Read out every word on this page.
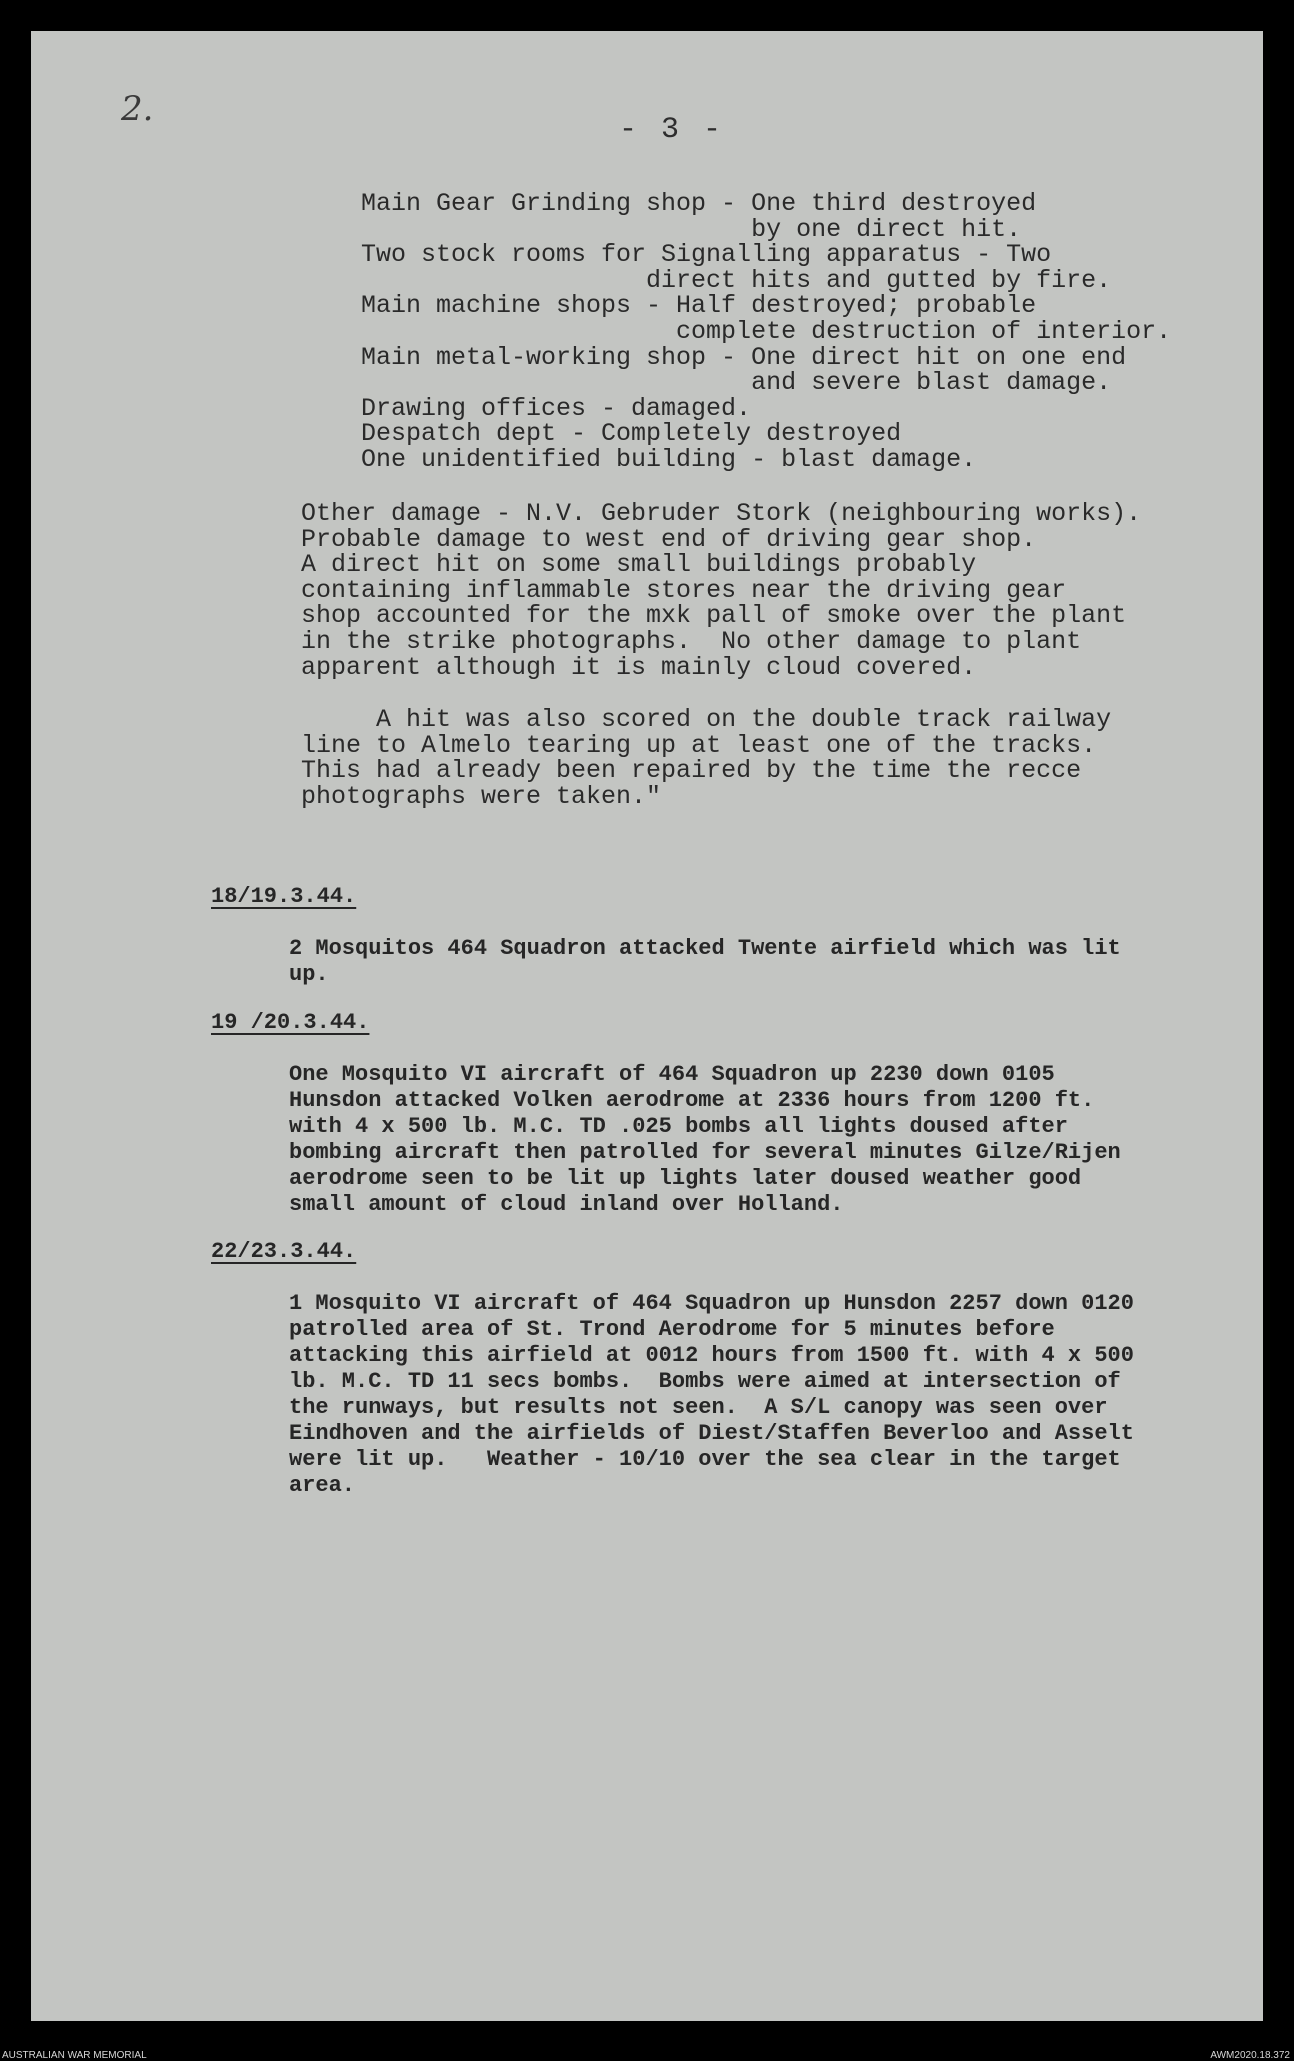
2.
- 3 -
Main Gear Grinding shop - One third destroyed
by one direct hit.
Two stock rooms for Signalling apparatus - Two
direct hits and gutted by fire.
Main machine shops - Half destroyed; probable
complete destruction of interior.
Main metal-working shop - One direct hit on one end
and severe blast damage.
Drawing offices - damaged.
Despatch dept - Completely destroyed
One unidentified building - blast damage.
Other damage - N.V. Gebruder Stork (neighbouring works).
Probable damage to west end of driving gear shop.
A direct hit on some small buildings probably
containing inflammable stores near the driving gear
shop accounted for the mxk pall of smoke over the plant
in the strike photographs.  No other damage to plant
apparent although it is mainly cloud covered.
A hit was also scored on the double track railway
line to Almelo tearing up at least one of the tracks.
This had already been repaired by the time the recce
photographs were taken."
18/19.3.44.
2 Mosquitos 464 Squadron attacked Twente airfield which was lit
up.
19 /20.3.44.
One Mosquito VI aircraft of 464 Squadron up 2230 down 0105
Hunsdon attacked Volken aerodrome at 2336 hours from 1200 ft.
with 4 x 500 lb. M.C. TD .025 bombs all lights doused after
bombing aircraft then patrolled for several minutes Gilze/Rijen
aerodrome seen to be lit up lights later doused weather good
small amount of cloud inland over Holland.
22/23.3.44.
1 Mosquito VI aircraft of 464 Squadron up Hunsdon 2257 down 0120
patrolled area of St. Trond Aerodrome for 5 minutes before
attacking this airfield at 0012 hours from 1500 ft. with 4 x 500
lb. M.C. TD 11 secs bombs.  Bombs were aimed at intersection of
the runways, but results not seen.  A S/L canopy was seen over
Eindhoven and the airfields of Diest/Staffen Beverloo and Asselt
were lit up.   Weather - 10/10 over the sea clear in the target
area.
AUSTRALIAN WAR MEMORIAL	AWM2020.18.372
